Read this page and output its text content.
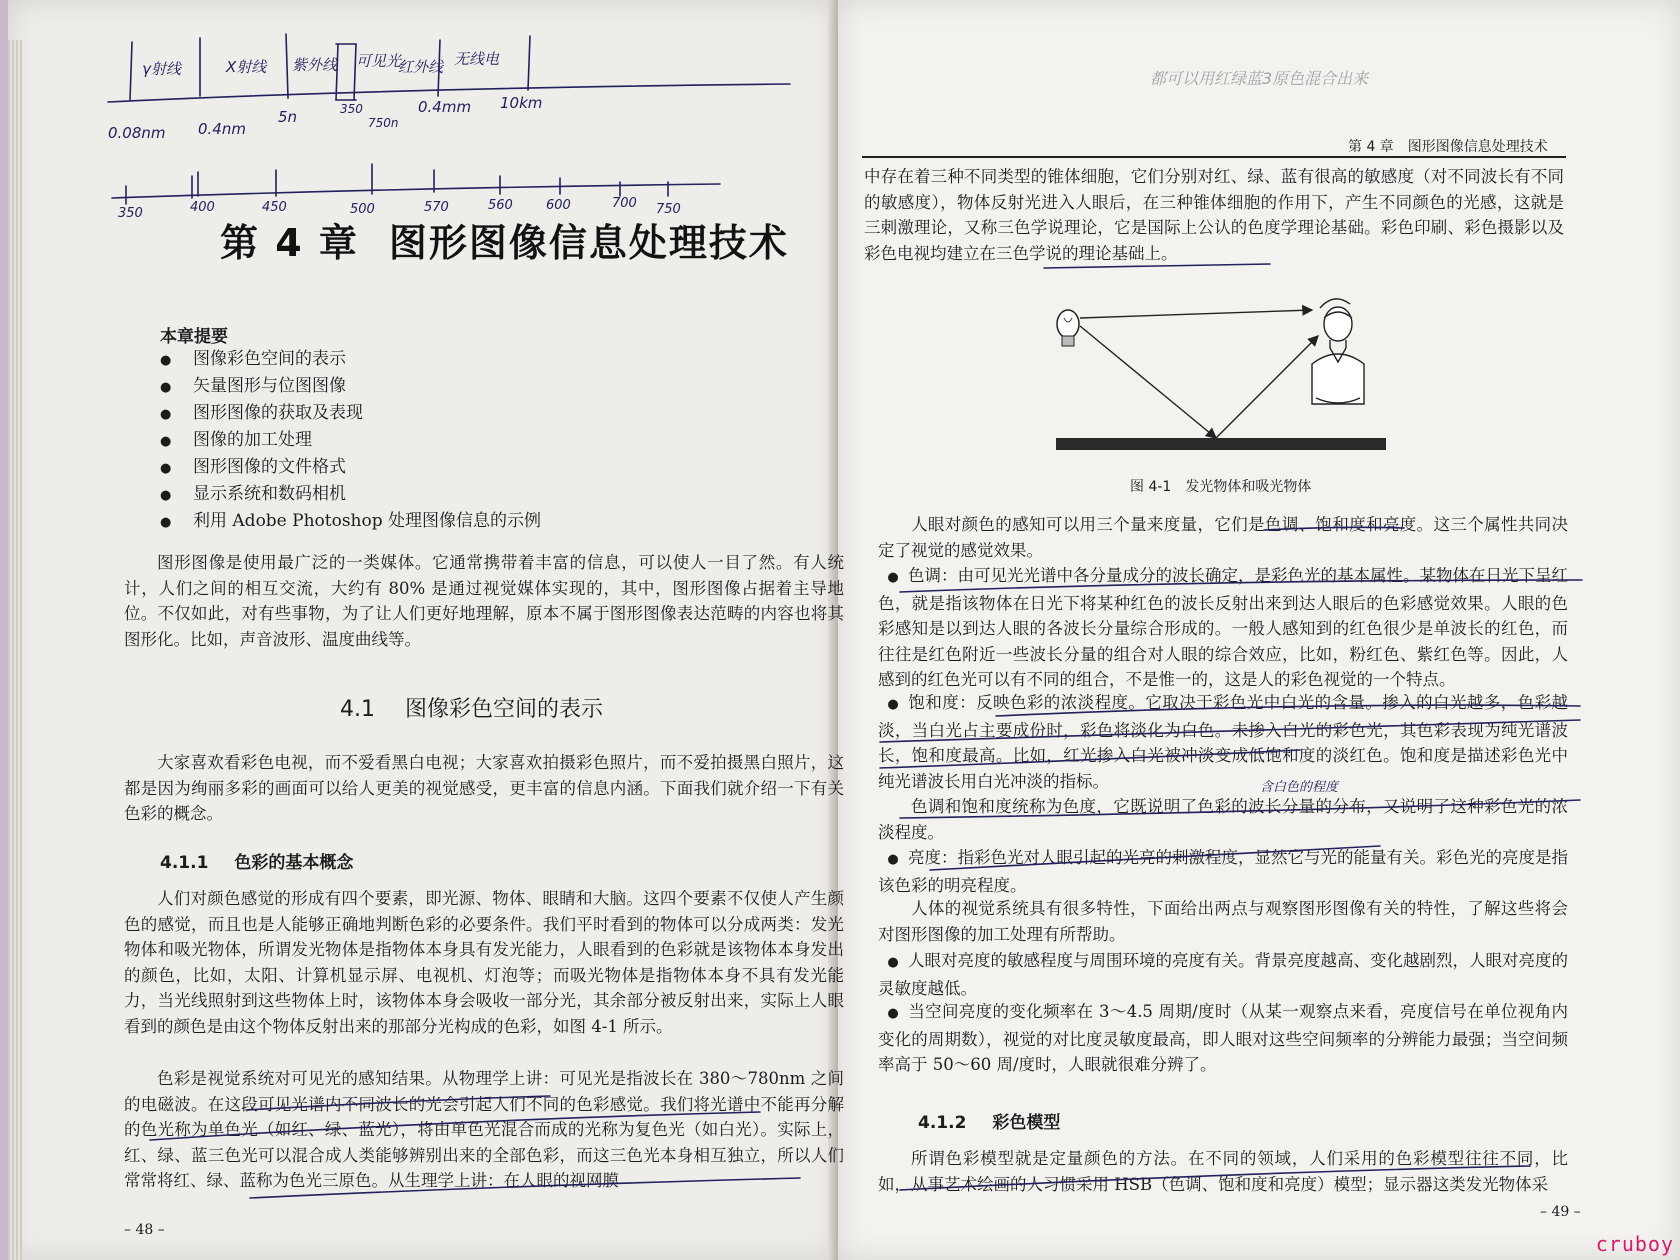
γ射线	X射线 紫外线 可见光
红外线 无线电
0.08nm 0.4nm
5n	350
750n
0.4mm 10km
350	400	450	500	570	560	600	700 750
第 4 章 图形图像信息处理技术
本章提要
● 图像彩色空间的表示
● 矢量图形与位图图像
● 图形图像的获取及表现
● 图像的加工处理
● 图形图像的文件格式
● 显示系统和数码相机
● 利用 Adobe Photoshop 处理图像信息的示例
图形图像是使用最广泛的一类媒体。它通常携带着丰富的信息，可以使人一目了然。有人统计，人们之间的相互交流，大约有 80% 是通过视觉媒体实现的，其中，图形图像占据着主导地位。不仅如此，对有些事物，为了让人们更好地理解，原本不属于图形图像表达范畴的内容也将其图形化。比如，声音波形、温度曲线等。
4.1 图像彩色空间的表示
大家喜欢看彩色电视，而不爱看黑白电视；大家喜欢拍摄彩色照片，而不爱拍摄黑白照片，这都是因为绚丽多彩的画面可以给人更美的视觉感受，更丰富的信息内涵。下面我们就介绍一下有关色彩的概念。
4.1.1 色彩的基本概念
人们对颜色感觉的形成有四个要素，即光源、物体、眼睛和大脑。这四个要素不仅使人产生颜色的感觉，而且也是人能够正确地判断色彩的必要条件。我们平时看到的物体可以分成两类：发光物体和吸光物体，所谓发光物体是指物体本身具有发光能力，人眼看到的色彩就是该物体本身发出的颜色，比如，太阳、计算机显示屏、电视机、灯泡等；而吸光物体是指物体本身不具有发光能力，当光线照射到这些物体上时，该物体本身会吸收一部分光，其余部分被反射出来，实际上人眼看到的颜色是由这个物体反射出来的那部分光构成的色彩，如图 4-1 所示。
色彩是视觉系统对可见光的感知结果。从物理学上讲：可见光是指波长在 380～780nm 之间的电磁波。在这段可见光谱内不同波长的光会引起人们不同的色彩感觉。我们将光谱中不能再分解的色光称为单色光（如红、绿、蓝光），将由单色光混合而成的光称为复色光（如白光）。实际上，红、绿、蓝三色光可以混合成人类能够辨别出来的全部色彩，而这三色光本身相互独立，所以人们常常将红、绿、蓝称为色光三原色。从生理学上讲：在人眼的视网膜
– 48 –
都可以用红绿蓝3原色混合出来
第 4 章　图形图像信息处理技术
中存在着三种不同类型的锥体细胞，它们分别对红、绿、蓝有很高的敏感度（对不同波长有不同的敏感度），物体反射光进入人眼后，在三种锥体细胞的作用下，产生不同颜色的光感，这就是三刺激理论，又称三色学说理论，它是国际上公认的色度学理论基础。彩色印刷、彩色摄影以及彩色电视均建立在三色学说的理论基础上。
图 4-1　发光物体和吸光物体
人眼对颜色的感知可以用三个量来度量，它们是色调、饱和度和亮度。这三个属性共同决定了视觉的感觉效果。
● 色调：由可见光光谱中各分量成分的波长确定，是彩色光的基本属性。某物体在日光下呈红色，就是指该物体在日光下将某种红色的波长反射出来到达人眼后的色彩感觉效果。人眼的色彩感知是以到达人眼的各波长分量综合形成的。一般人感知到的红色很少是单波长的红色，而往往是红色附近一些波长分量的组合对人眼的综合效应，比如，粉红色、紫红色等。因此，人感到的红色光可以有不同的组合，不是惟一的，这是人的彩色视觉的一个特点。
● 饱和度：反映色彩的浓淡程度。它取决于彩色光中白光的含量。掺入的白光越多，色彩越淡，当白光占主要成份时，彩色将淡化为白色。未掺入白光的彩色光，其色彩表现为纯光谱波长，饱和度最高。比如，红光掺入白光被冲淡变成低饱和度的淡红色。饱和度是描述彩色光中纯光谱波长用白光冲淡的指标。	含白色的程度
色调和饱和度统称为色度，它既说明了色彩的波长分量的分布，又说明了这种彩色光的浓淡程度。
● 亮度：指彩色光对人眼引起的光亮的刺激程度，显然它与光的能量有关。彩色光的亮度是指该色彩的明亮程度。
人体的视觉系统具有很多特性，下面给出两点与观察图形图像有关的特性，了解这些将会对图形图像的加工处理有所帮助。
● 人眼对亮度的敏感程度与周围环境的亮度有关。背景亮度越高、变化越剧烈，人眼对亮度的灵敏度越低。
● 当空间亮度的变化频率在 3～4.5 周期/度时（从某一观察点来看，亮度信号在单位视角内变化的周期数），视觉的对比度灵敏度最高，即人眼对这些空间频率的分辨能力最强；当空间频率高于 50～60 周/度时，人眼就很难分辨了。
4.1.2 彩色模型
所谓色彩模型就是定量颜色的方法。在不同的领域，人们采用的色彩模型往往不同，比如，从事艺术绘画的人习惯采用 HSB（色调、饱和度和亮度）模型；显示器这类发光物体采
– 49 –
cruboy
